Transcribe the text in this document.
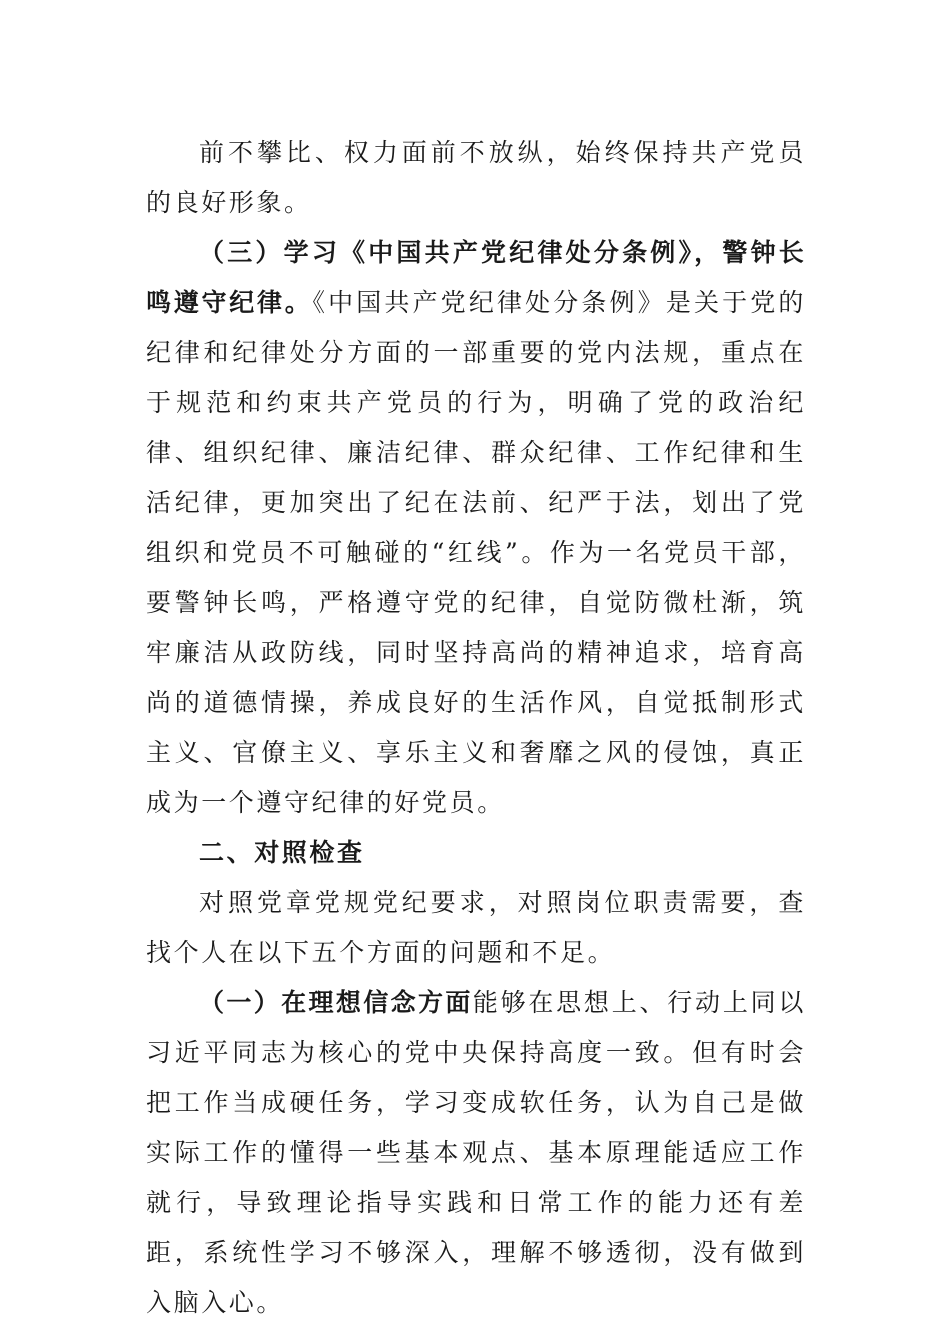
前不攀比、权力面前不放纵，始终保持共产党员的良好形象。

（三）学习《中国共产党纪律处分条例》，警钟长鸣遵守纪律。《中国共产党纪律处分条例》是关于党的纪律和纪律处分方面的一部重要的党内法规，重点在于规范和约束共产党员的行为，明确了党的政治纪律、组织纪律、廉洁纪律、群众纪律、工作纪律和生活纪律，更加突出了纪在法前、纪严于法，划出了党组织和党员不可触碰的“红线”。作为一名党员干部，要警钟长鸣，严格遵守党的纪律，自觉防微杜渐，筑牢廉洁从政防线，同时坚持高尚的精神追求，培育高尚的道德情操，养成良好的生活作风，自觉抵制形式主义、官僚主义、享乐主义和奢靡之风的侵蚀，真正成为一个遵守纪律的好党员。

二、对照检查

对照党章党规党纪要求，对照岗位职责需要，查找个人在以下五个方面的问题和不足。

（一）在理想信念方面能够在思想上、行动上同以习近平同志为核心的党中央保持高度一致。但有时会把工作当成硬任务，学习变成软任务，认为自己是做实际工作的懂得一些基本观点、基本原理能适应工作就行，导致理论指导实践和日常工作的能力还有差距，系统性学习不够深入，理解不够透彻，没有做到入脑入心。
